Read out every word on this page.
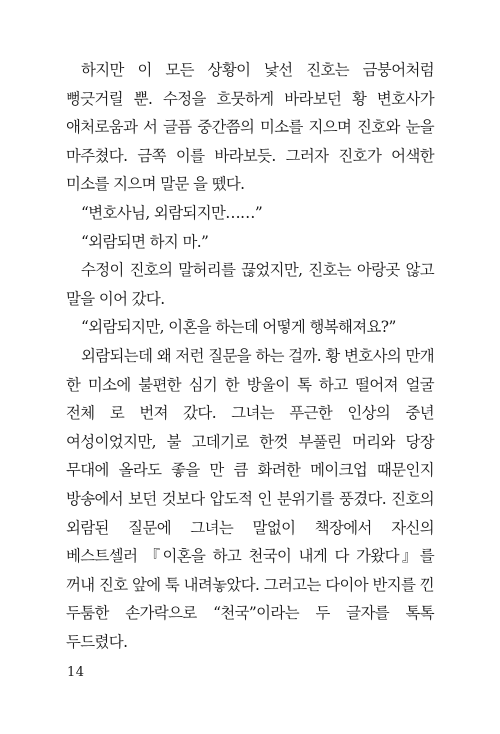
하지만 이 모든 상황이 낯선 진호는 금붕어처럼 뻥긋거릴 뿐. 수정을 흐뭇하게 바라보던 황 변호사가 애처로움과 서 글픔 중간쯤의 미소를 지으며 진호와 눈을 마주쳤다. 금쪽 이를 바라보듯. 그러자 진호가 어색한 미소를 지으며 말문 을 뗐다.

“변호사님, 외람되지만……”

“외람되면 하지 마.”

수정이 진호의 말허리를 끊었지만, 진호는 아랑곳 않고 말을 이어 갔다.

“외람되지만, 이혼을 하는데 어떻게 행복해져요?”

외람되는데 왜 저런 질문을 하는 걸까. 황 변호사의 만개 한 미소에 불편한 심기 한 방울이 톡 하고 떨어져 얼굴 전체 로 번져 갔다. 그녀는 푸근한 인상의 중년 여성이었지만, 불 고데기로 한껏 부풀린 머리와 당장 무대에 올라도 좋을 만 큼 화려한 메이크업 때문인지 방송에서 보던 것보다 압도적 인 분위기를 풍겼다. 진호의 외람된 질문에 그녀는 말없이 책장에서 자신의 베스트셀러 『이혼을 하고 천국이 내게 다 가왔다』를 꺼내 진호 앞에 툭 내려놓았다. 그러고는 다이아 반지를 낀 두툼한 손가락으로 “천국”이라는 두 글자를 톡톡 두드렸다.

14
